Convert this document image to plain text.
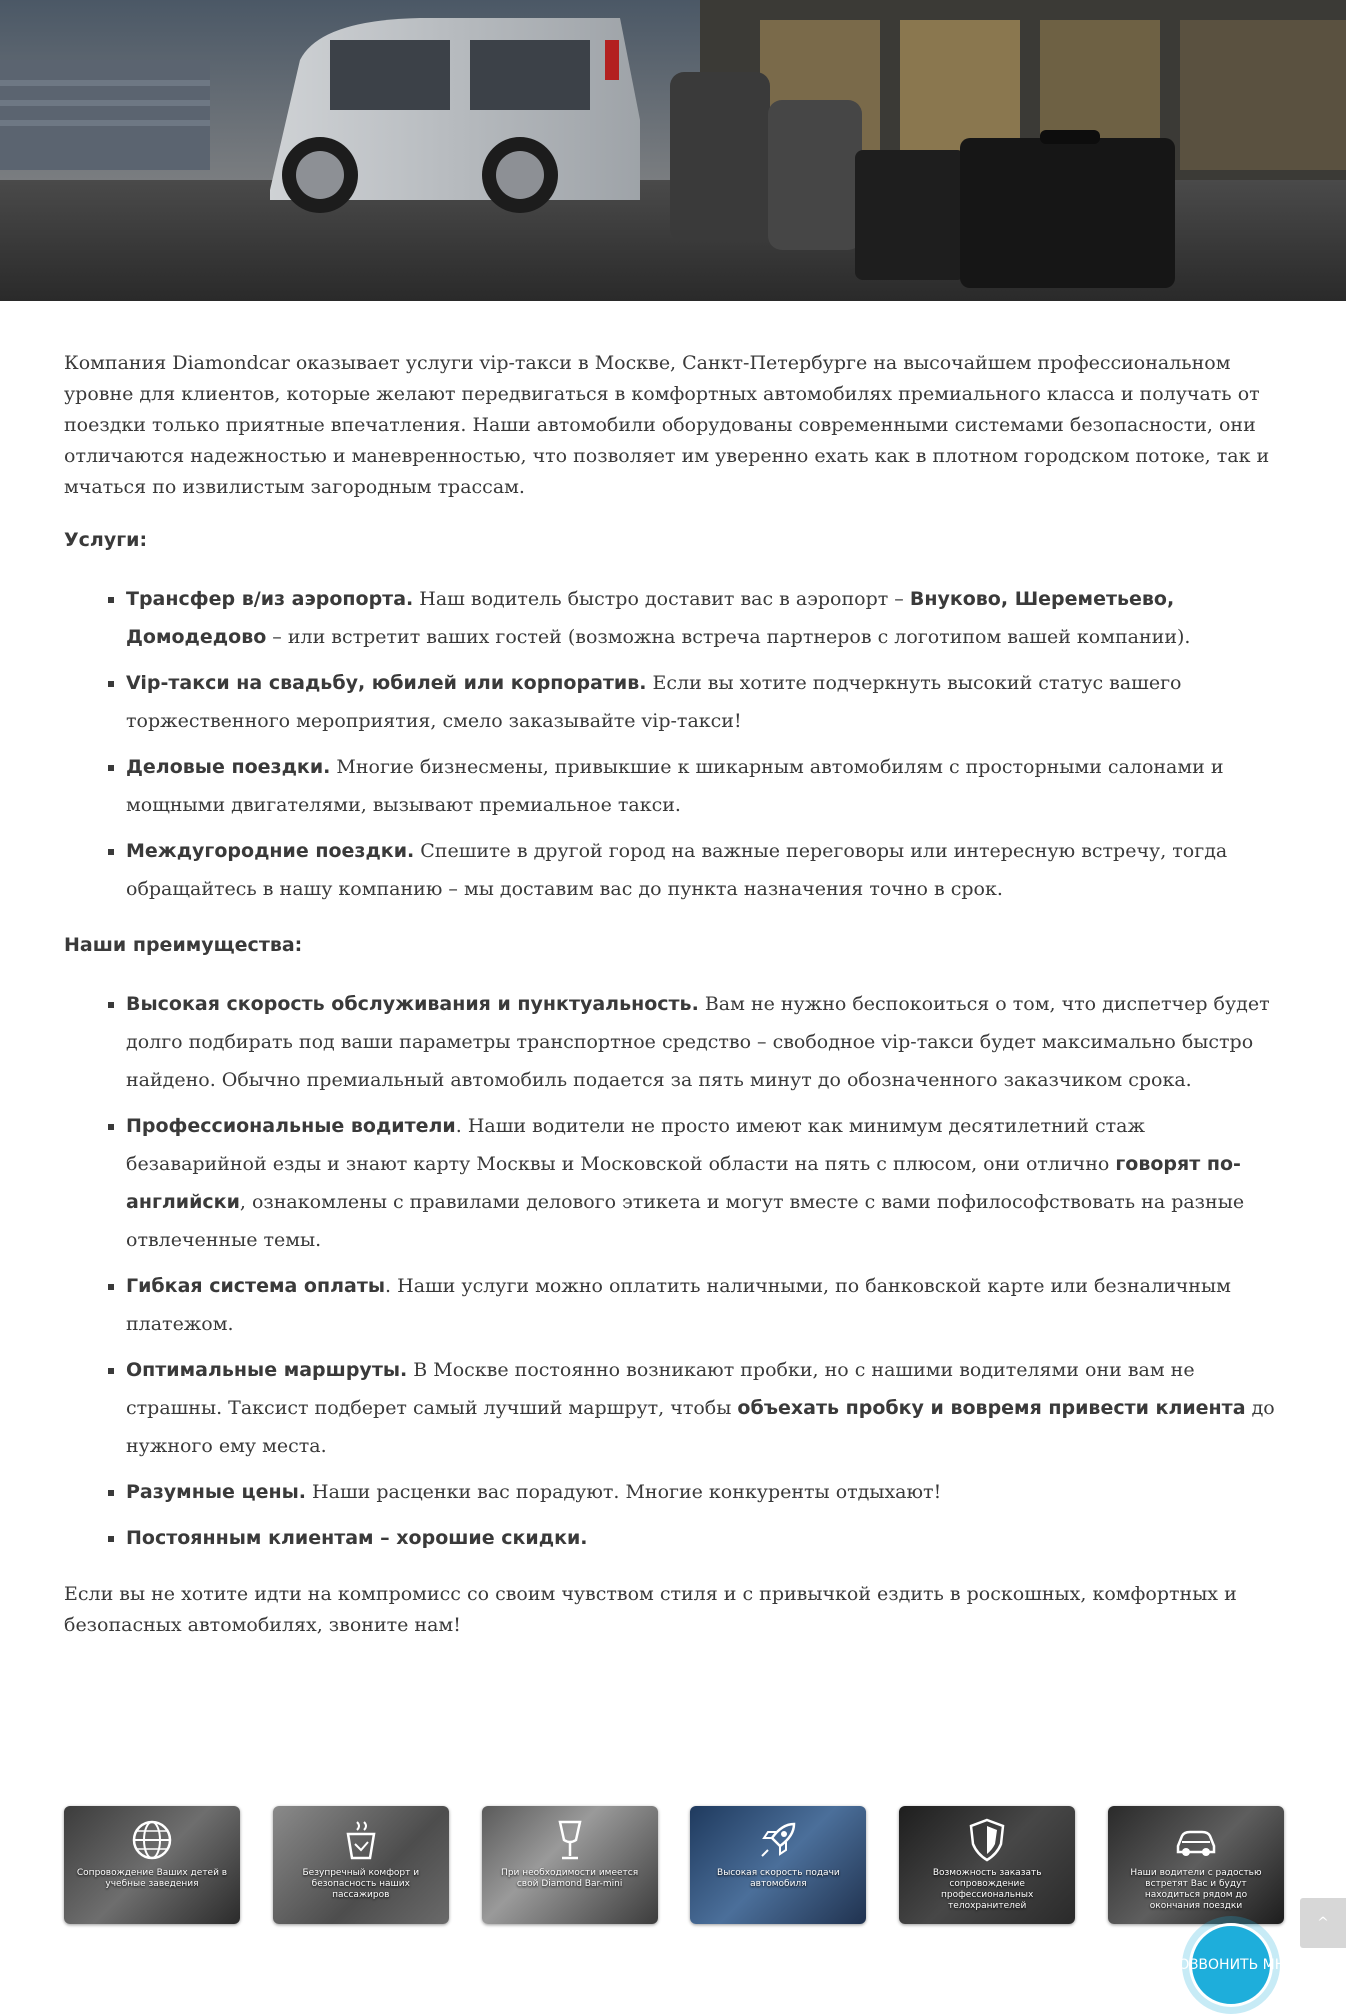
Компания Diamondcar оказывает услуги vip-такси в Москве, Санкт-Петербурге на высочайшем профессиональном уровне для клиентов, которые желают передвигаться в комфортных автомобилях премиального класса и получать от поездки только приятные впечатления. Наши автомобили оборудованы современными системами безопасности, они отличаются надежностью и маневренностью, что позволяет им уверенно ехать как в плотном городском потоке, так и мчаться по извилистым загородным трассам.

Услуги:

▪ Трансфер в/из аэропорта. Наш водитель быстро доставит вас в аэропорт – Внуково, Шереметьево, Домодедово – или встретит ваших гостей (возможна встреча партнеров с логотипом вашей компании).
▪ Vip-такси на свадьбу, юбилей или корпоратив. Если вы хотите подчеркнуть высокий статус вашего торжественного мероприятия, смело заказывайте vip-такси!
▪ Деловые поездки. Многие бизнесмены, привыкшие к шикарным автомобилям с просторными салонами и мощными двигателями, вызывают премиальное такси.
▪ Междугородние поездки. Спешите в другой город на важные переговоры или интересную встречу, тогда обращайтесь в нашу компанию – мы доставим вас до пункта назначения точно в срок.

Наши преимущества:

▪ Высокая скорость обслуживания и пунктуальность. Вам не нужно беспокоиться о том, что диспетчер будет долго подбирать под ваши параметры транспортное средство – свободное vip-такси будет максимально быстро найдено. Обычно премиальный автомобиль подается за пять минут до обозначенного заказчиком срока.
▪ Профессиональные водители. Наши водители не просто имеют как минимум десятилетний стаж безаварийной езды и знают карту Москвы и Московской области на пять с плюсом, они отлично говорят по-английски, ознакомлены с правилами делового этикета и могут вместе с вами пофилософствовать на разные отвлеченные темы.
▪ Гибкая система оплаты. Наши услуги можно оплатить наличными, по банковской карте или безналичным платежом.
▪ Оптимальные маршруты. В Москве постоянно возникают пробки, но с нашими водителями они вам не страшны. Таксист подберет самый лучший маршрут, чтобы объехать пробку и вовремя привести клиента до нужного ему места.
▪ Разумные цены. Наши расценки вас порадуют. Многие конкуренты отдыхают!
▪ Постоянным клиентам – хорошие скидки.

Если вы не хотите идти на компромисс со своим чувством стиля и с привычкой ездить в роскошных, комфортных и безопасных автомобилях, звоните нам!

Сопровождение Ваших детей в учебные заведения
Безупречный комфорт и безопасность наших пассажиров
При необходимости имеется свой Diamond Bar-mini
Высокая скорость подачи автомобиля
Возможность заказать сопровождение профессиональных телохранителей
Наши водители с радостью встретят Вас и будут находиться рядом до окончания поездки
^
ПОЗВОНИТЬ МНЕ
